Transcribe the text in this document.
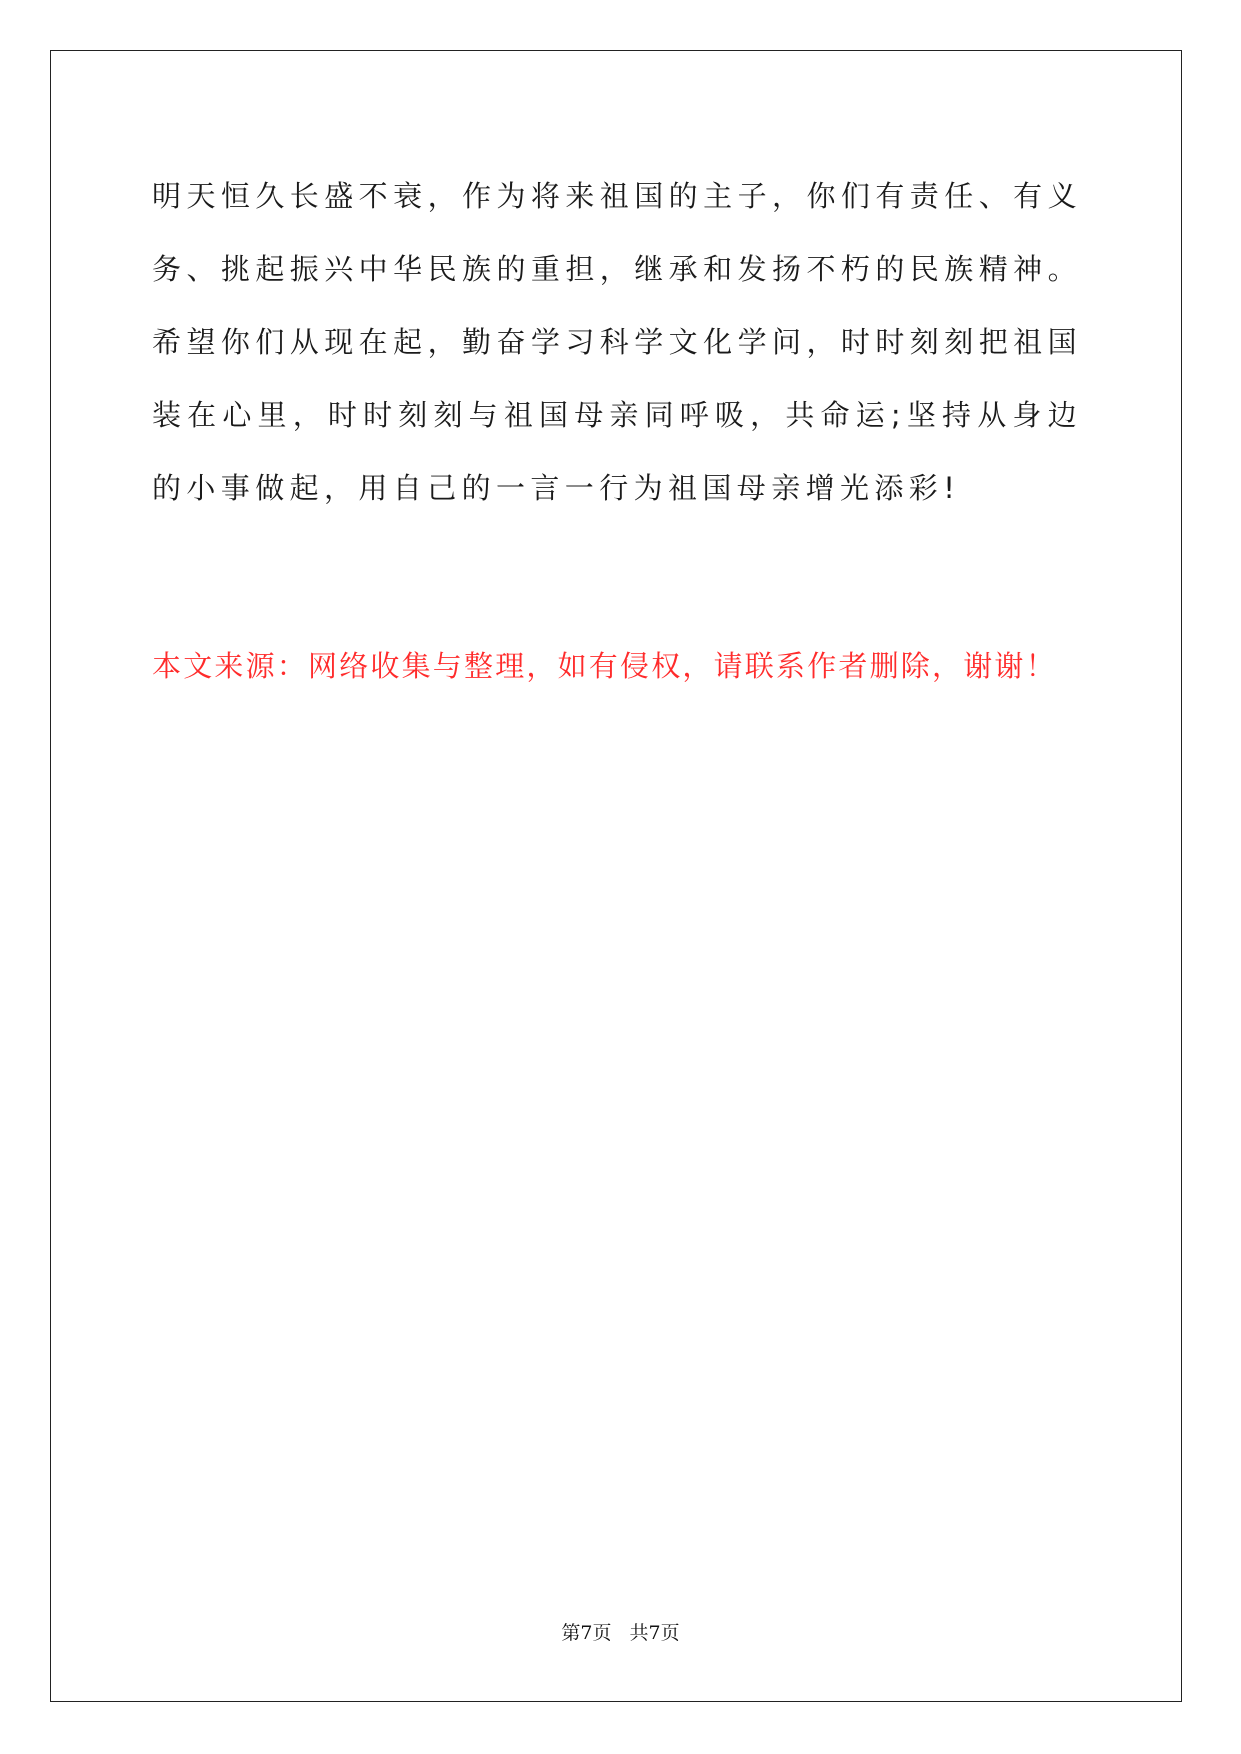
明天恒久长盛不衰，作为将来祖国的主子，你们有责任、有义务、挑起振兴中华民族的重担，继承和发扬不朽的民族精神。希望你们从现在起，勤奋学习科学文化学问，时时刻刻把祖国装在心里，时时刻刻与祖国母亲同呼吸，共命运;坚持从身边的小事做起，用自己的一言一行为祖国母亲增光添彩!

本文来源：网络收集与整理，如有侵权，请联系作者删除，谢谢！

第7页 共7页
